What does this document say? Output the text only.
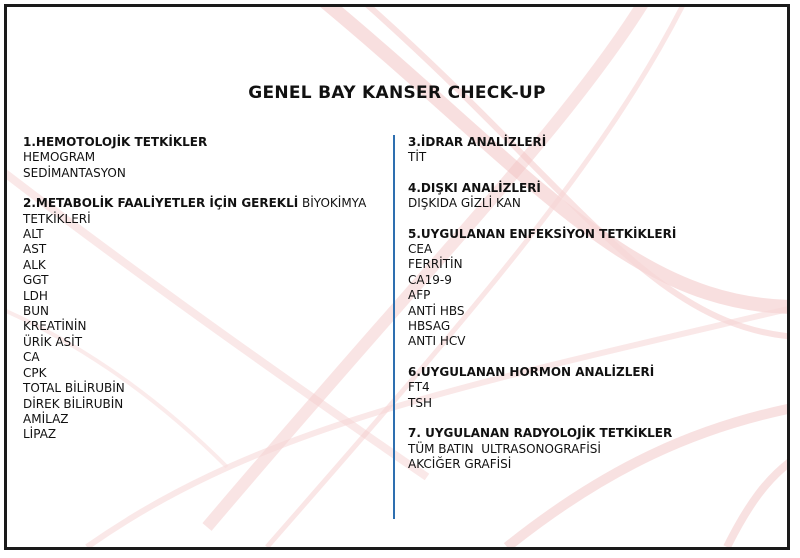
GENEL BAY KANSER CHECK-UP
1.HEMOTOLOJİK TETKİKLER
HEMOGRAM
SEDİMANTASYON
2.METABOLİK FAALİYETLER İÇİN GEREKLİ BİYOKİMYA TETKİKLERİ
ALT
AST
ALK
GGT
LDH
BUN
KREATİNİN
ÜRİK ASİT
CA
CPK
TOTAL BİLİRUBİN
DİREK BİLİRUBİN
AMİLAZ
LİPAZ
3.İDRAR ANALİZLERİ
TİT
4.DIŞKI ANALİZLERİ
DIŞKIDA GİZLİ KAN
5.UYGULANAN ENFEKSİYON TETKİKLERİ
CEA
FERRİTİN
CA19-9
AFP
ANTİ HBS
HBSAG
ANTI HCV
6.UYGULANAN HORMON ANALİZLERİ
FT4
TSH
7. UYGULANAN RADYOLOJİK TETKİKLER
TÜM BATIN  ULTRASONOGRAFİSİ
AKCİĞER GRAFİSİ
